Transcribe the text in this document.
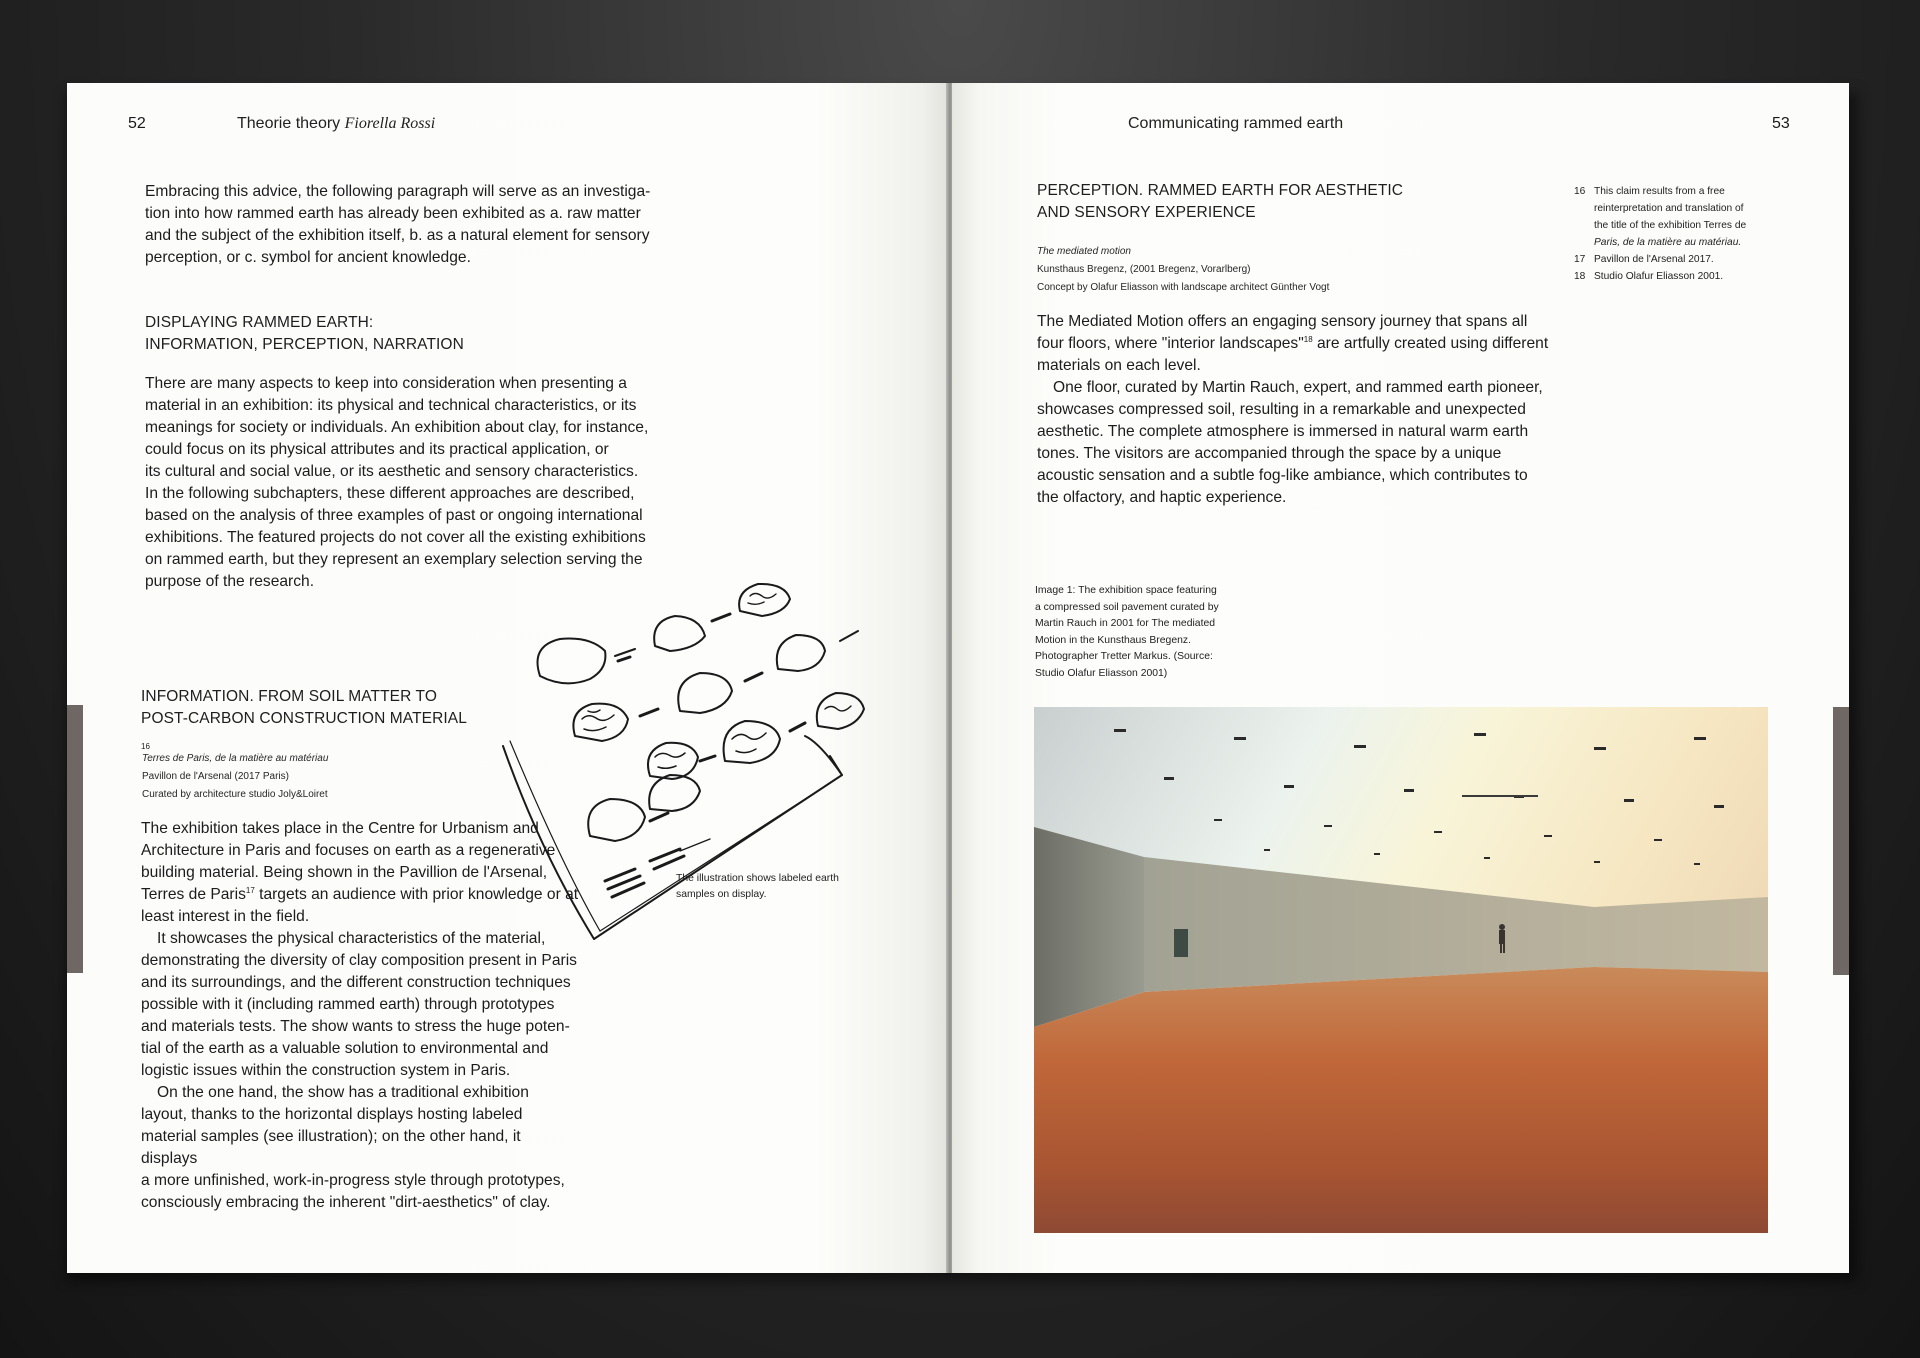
52	Theorie theory Fiorella Rossi
Embracing this advice, the following paragraph will serve as an investiga-
tion into how rammed earth has already been exhibited as a. raw matter
and the subject of the exhibition itself, b. as a natural element for sensory
perception, or c. symbol for ancient knowledge.
DISPLAYING RAMMED EARTH:
INFORMATION, PERCEPTION, NARRATION
There are many aspects to keep into consideration when presenting a
material in an exhibition: its physical and technical characteristics, or its
meanings for society or individuals. An exhibition about clay, for instance,
could focus on its physical attributes and its practical application, or
its cultural and social value, or its aesthetic and sensory characteristics.
In the following subchapters, these different approaches are described,
based on the analysis of three examples of past or ongoing international
exhibitions. The featured projects do not cover all the existing exhibitions
on rammed earth, but they represent an exemplary selection serving the
purpose of the research.
The illustration shows labeled earth
samples on display.
INFORMATION. FROM SOIL MATTER TO
POST-CARBON CONSTRUCTION MATERIAL
$_{16}$
Terres de Paris, de la matière au matériau
Pavillon de l'Arsenal (2017 Paris)
Curated by architecture studio Joly&Loiret
The exhibition takes place in the Centre for Urbanism and
Architecture in Paris and focuses on earth as a regenerative
building material. Being shown in the Pavillion de l'Arsenal,
Terres de Paris$^{17}$ targets an audience with prior knowledge or at
least interest in the field.
It showcases the physical characteristics of the material,
demonstrating the diversity of clay composition present in Paris
and its surroundings, and the different construction techniques
possible with it (including rammed earth) through prototypes
and materials tests. The show wants to stress the huge poten-
tial of the earth as a valuable solution to environmental and
logistic issues within the construction system in Paris.
On the one hand, the show has a traditional exhibition
layout, thanks to the horizontal displays hosting labeled
material samples (see illustration); on the other hand, it displays
a more unfinished, work-in-progress style through prototypes,
consciously embracing the inherent "dirt-aesthetics" of clay.
Communicating rammed earth	53
PERCEPTION. RAMMED EARTH FOR AESTHETIC
AND SENSORY EXPERIENCE
The mediated motion
Kunsthaus Bregenz, (2001 Bregenz, Vorarlberg)
Concept by Olafur Eliasson with landscape architect Günther Vogt
The Mediated Motion offers an engaging sensory journey that spans all
four floors, where "interior landscapes"$^{18}$ are artfully created using different
materials on each level.
One floor, curated by Martin Rauch, expert, and rammed earth pioneer,
showcases compressed soil, resulting in a remarkable and unexpected
aesthetic. The complete atmosphere is immersed in natural warm earth
tones. The visitors are accompanied through the space by a unique
acoustic sensation and a subtle fog-like ambiance, which contributes to
the olfactory, and haptic experience.
Image 1: The exhibition space featuring
a compressed soil pavement curated by
Martin Rauch in 2001 for The mediated
Motion in the Kunsthaus Bregenz.
Photographer Tretter Markus. (Source:
Studio Olafur Eliasson 2001)
16 This claim results from a free
reinterpretation and translation of
the title of the exhibition Terres de
Paris, de la matière au matériau.
17 Pavillon de l'Arsenal 2017.
18 Studio Olafur Eliasson 2001.
